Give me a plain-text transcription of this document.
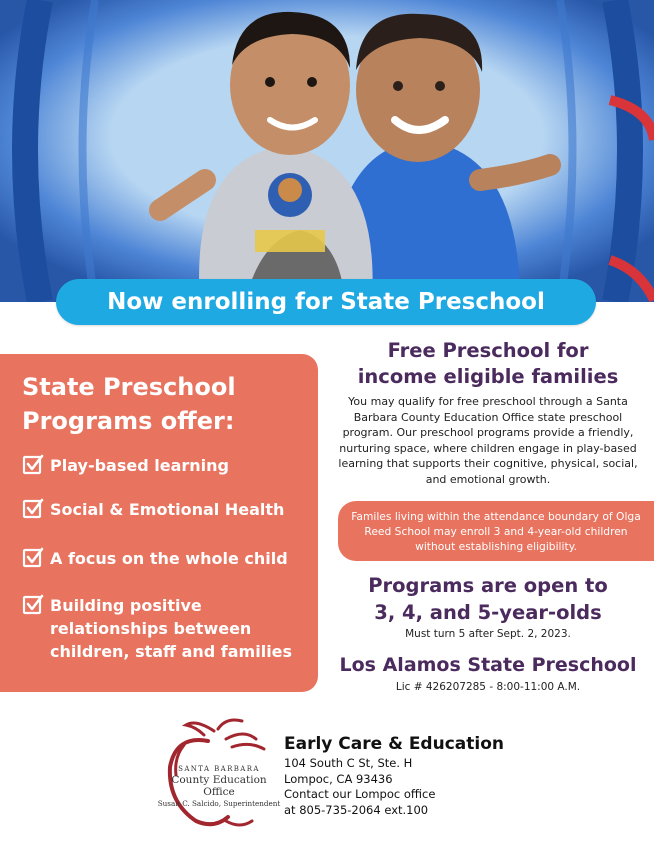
Now enrolling for State Preschool
State Preschool
Programs offer:
Play-based learning
Social & Emotional Health
A focus on the whole child
Building positive relationships between children, staff and families
Free Preschool for
income eligible families
You may qualify for free preschool through a Santa Barbara County Education Office state preschool program. Our preschool programs provide a friendly, nurturing space, where children engage in play-based learning that supports their cognitive, physical, social, and emotional growth.
Familes living within the attendance boundary of Olga Reed School may enroll 3 and 4-year-old children without establishing eligibility.
Programs are open to
3, 4, and 5-year-olds
Must turn 5 after Sept. 2, 2023.
Los Alamos State Preschool
Lic # 426207285 - 8:00-11:00 A.M.
SANTA BARBARA
County Education Office
Susan C. Salcido, Superintendent
Early Care & Education
104 South C St, Ste. H
Lompoc, CA 93436
Contact our Lompoc office
at 805-735-2064 ext.100
